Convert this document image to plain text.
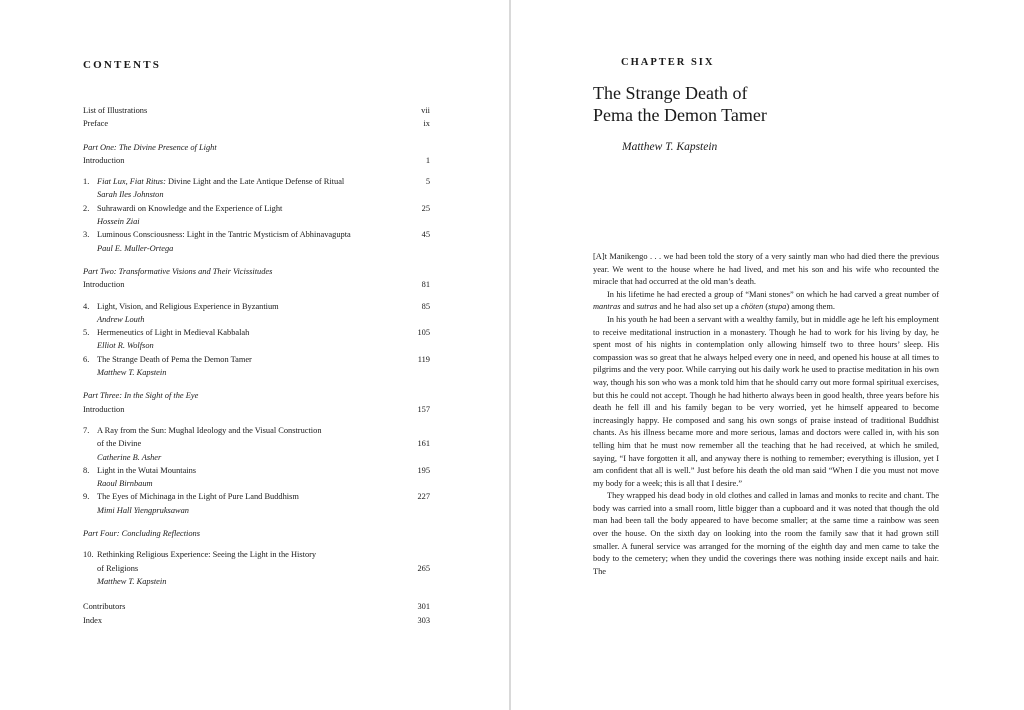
CONTENTS
List of Illustrations	vii
Preface	ix
Part One: The Divine Presence of Light
Introduction	1
1. Fiat Lux, Fiat Ritus: Divine Light and the Late Antique Defense of Ritual	5
Sarah Iles Johnston
2. Suhrawardi on Knowledge and the Experience of Light	25
Hossein Ziai
3. Luminous Consciousness: Light in the Tantric Mysticism of Abhinavagupta	45
Paul E. Muller-Ortega
Part Two: Transformative Visions and Their Vicissitudes
Introduction	81
4. Light, Vision, and Religious Experience in Byzantium	85
Andrew Louth
5. Hermeneutics of Light in Medieval Kabbalah	105
Elliot R. Wolfson
6. The Strange Death of Pema the Demon Tamer	119
Matthew T. Kapstein
Part Three: In the Sight of the Eye
Introduction	157
7. A Ray from the Sun: Mughal Ideology and the Visual Construction
of the Divine	161
Catherine B. Asher
8. Light in the Wutai Mountains	195
Raoul Birnbaum
9. The Eyes of Michinaga in the Light of Pure Land Buddhism	227
Mimi Hall Yiengpruksawan
Part Four: Concluding Reflections
10. Rethinking Religious Experience: Seeing the Light in the History
of Religions	265
Matthew T. Kapstein
Contributors	301
Index	303
CHAPTER SIX
The Strange Death of
Pema the Demon Tamer
Matthew T. Kapstein

[A]t Manikengo . . . we had been told the story of a very saintly man who had died there the previous year. We went to the house where he had lived, and met his son and his wife who recounted the miracle that had occurred at the old man’s death.

In his lifetime he had erected a group of “Mani stones” on which he had carved a great number of mantras and sutras and he had also set up a chöten (stupa) among them.

In his youth he had been a servant with a wealthy family, but in middle age he left his employment to receive meditational instruction in a monastery. Though he had to work for his living by day, he spent most of his nights in contemplation only allowing himself two to three hours’ sleep. His compassion was so great that he always helped every one in need, and opened his house at all times to pilgrims and the very poor. While carrying out his daily work he used to practise meditation in his own way, though his son who was a monk told him that he should carry out more formal spiritual exercises, but this he could not accept. Though he had hitherto always been in good health, three years before his death he fell ill and his family began to be very worried, yet he himself appeared to become increasingly happy. He composed and sang his own songs of praise instead of traditional Buddhist chants. As his illness became more and more serious, lamas and doctors were called in, with his son telling him that he must now remember all the teaching that he had received, at which he smiled, saying, “I have forgotten it all, and anyway there is nothing to remember; everything is illusion, yet I am confident that all is well.” Just before his death the old man said “When I die you must not move my body for a week; this is all that I desire.”

They wrapped his dead body in old clothes and called in lamas and monks to recite and chant. The body was carried into a small room, little bigger than a cupboard and it was noted that though the old man had been tall the body appeared to have become smaller; at the same time a rainbow was seen over the house. On the sixth day on looking into the room the family saw that it had grown still smaller. A funeral service was arranged for the morning of the eighth day and men came to take the body to the cemetery; when they undid the coverings there was nothing inside except nails and hair. The
